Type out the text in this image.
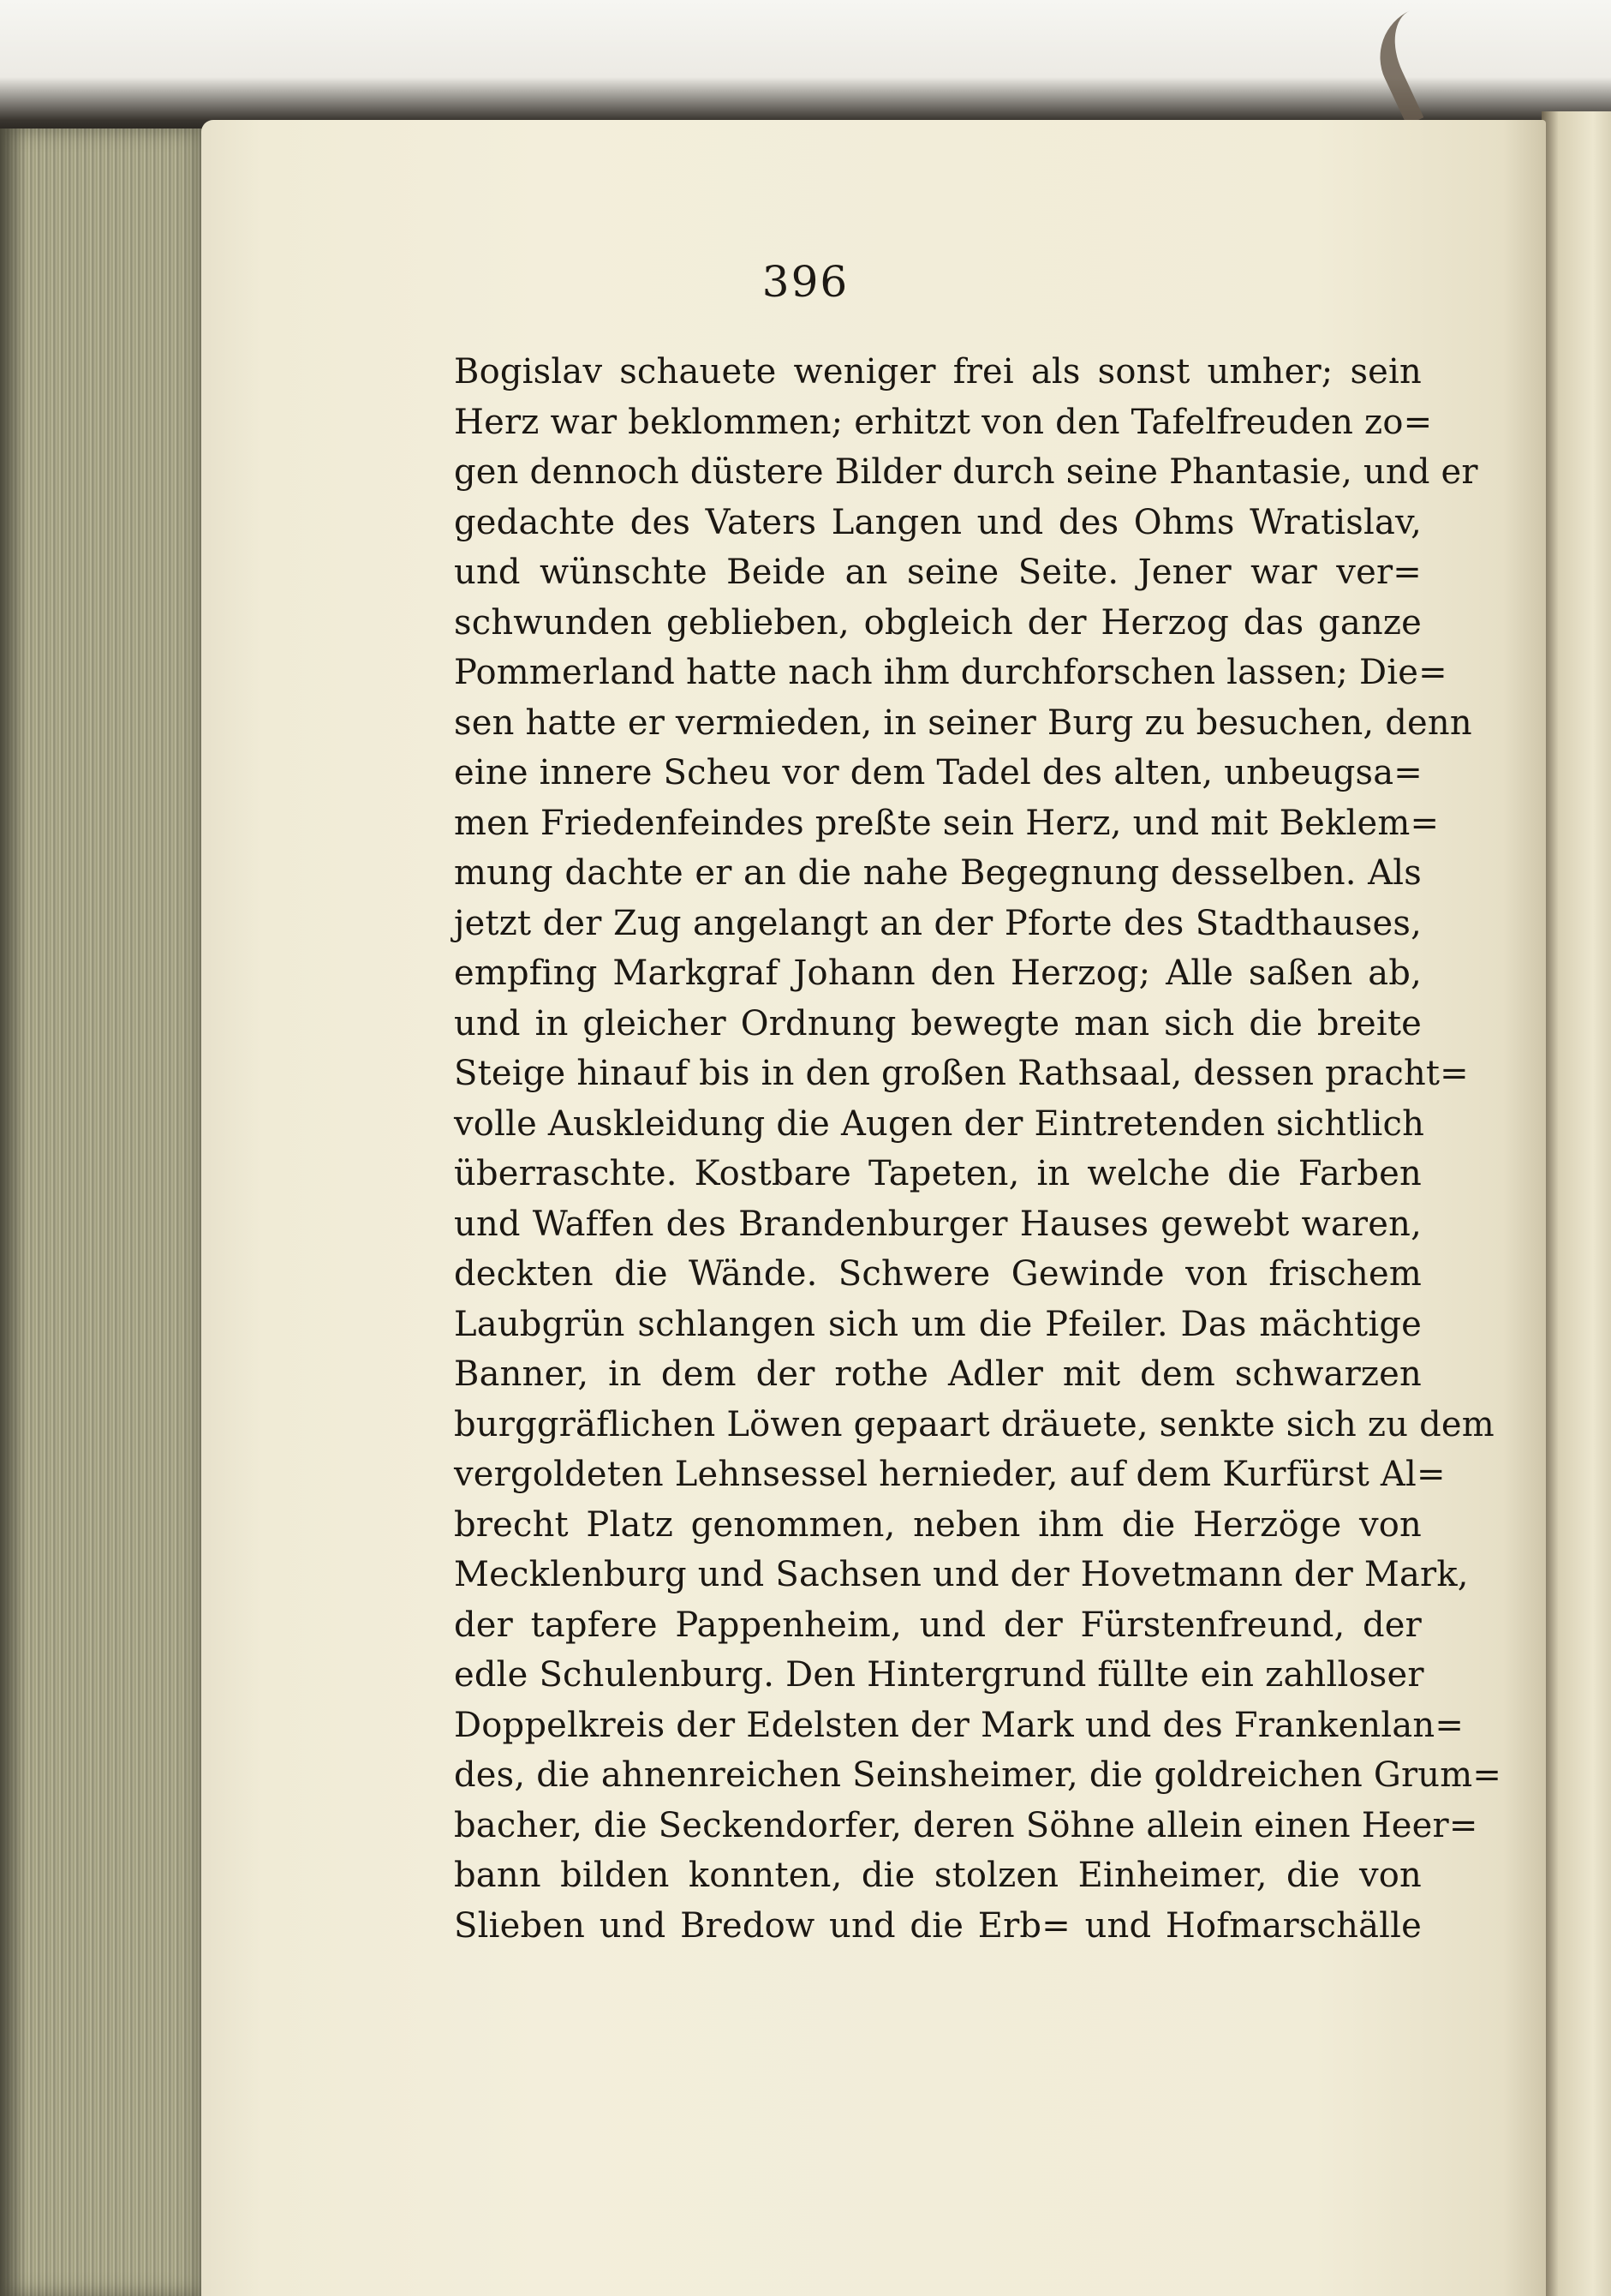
396
Bogislav schauete weniger frei als sonst umher; sein
Herz war beklommen; erhitzt von den Tafelfreuden zo=
gen dennoch düstere Bilder durch seine Phantasie, und er
gedachte des Vaters Langen und des Ohms Wratislav,
und wünschte Beide an seine Seite. Jener war ver=
schwunden geblieben, obgleich der Herzog das ganze
Pommerland hatte nach ihm durchforschen lassen; Die=
sen hatte er vermieden, in seiner Burg zu besuchen, denn
eine innere Scheu vor dem Tadel des alten, unbeugsa=
men Friedenfeindes preßte sein Herz, und mit Beklem=
mung dachte er an die nahe Begegnung desselben. Als
jetzt der Zug angelangt an der Pforte des Stadthauses,
empfing Markgraf Johann den Herzog; Alle saßen ab,
und in gleicher Ordnung bewegte man sich die breite
Steige hinauf bis in den großen Rathsaal, dessen pracht=
volle Auskleidung die Augen der Eintretenden sichtlich
überraschte. Kostbare Tapeten, in welche die Farben
und Waffen des Brandenburger Hauses gewebt waren,
deckten die Wände. Schwere Gewinde von frischem
Laubgrün schlangen sich um die Pfeiler. Das mächtige
Banner, in dem der rothe Adler mit dem schwarzen
burggräflichen Löwen gepaart dräuete, senkte sich zu dem
vergoldeten Lehnsessel hernieder, auf dem Kurfürst Al=
brecht Platz genommen, neben ihm die Herzöge von
Mecklenburg und Sachsen und der Hovetmann der Mark,
der tapfere Pappenheim, und der Fürstenfreund, der
edle Schulenburg. Den Hintergrund füllte ein zahlloser
Doppelkreis der Edelsten der Mark und des Frankenlan=
des, die ahnenreichen Seinsheimer, die goldreichen Grum=
bacher, die Seckendorfer, deren Söhne allein einen Heer=
bann bilden konnten, die stolzen Einheimer, die von
Slieben und Bredow und die Erb= und Hofmarschälle
